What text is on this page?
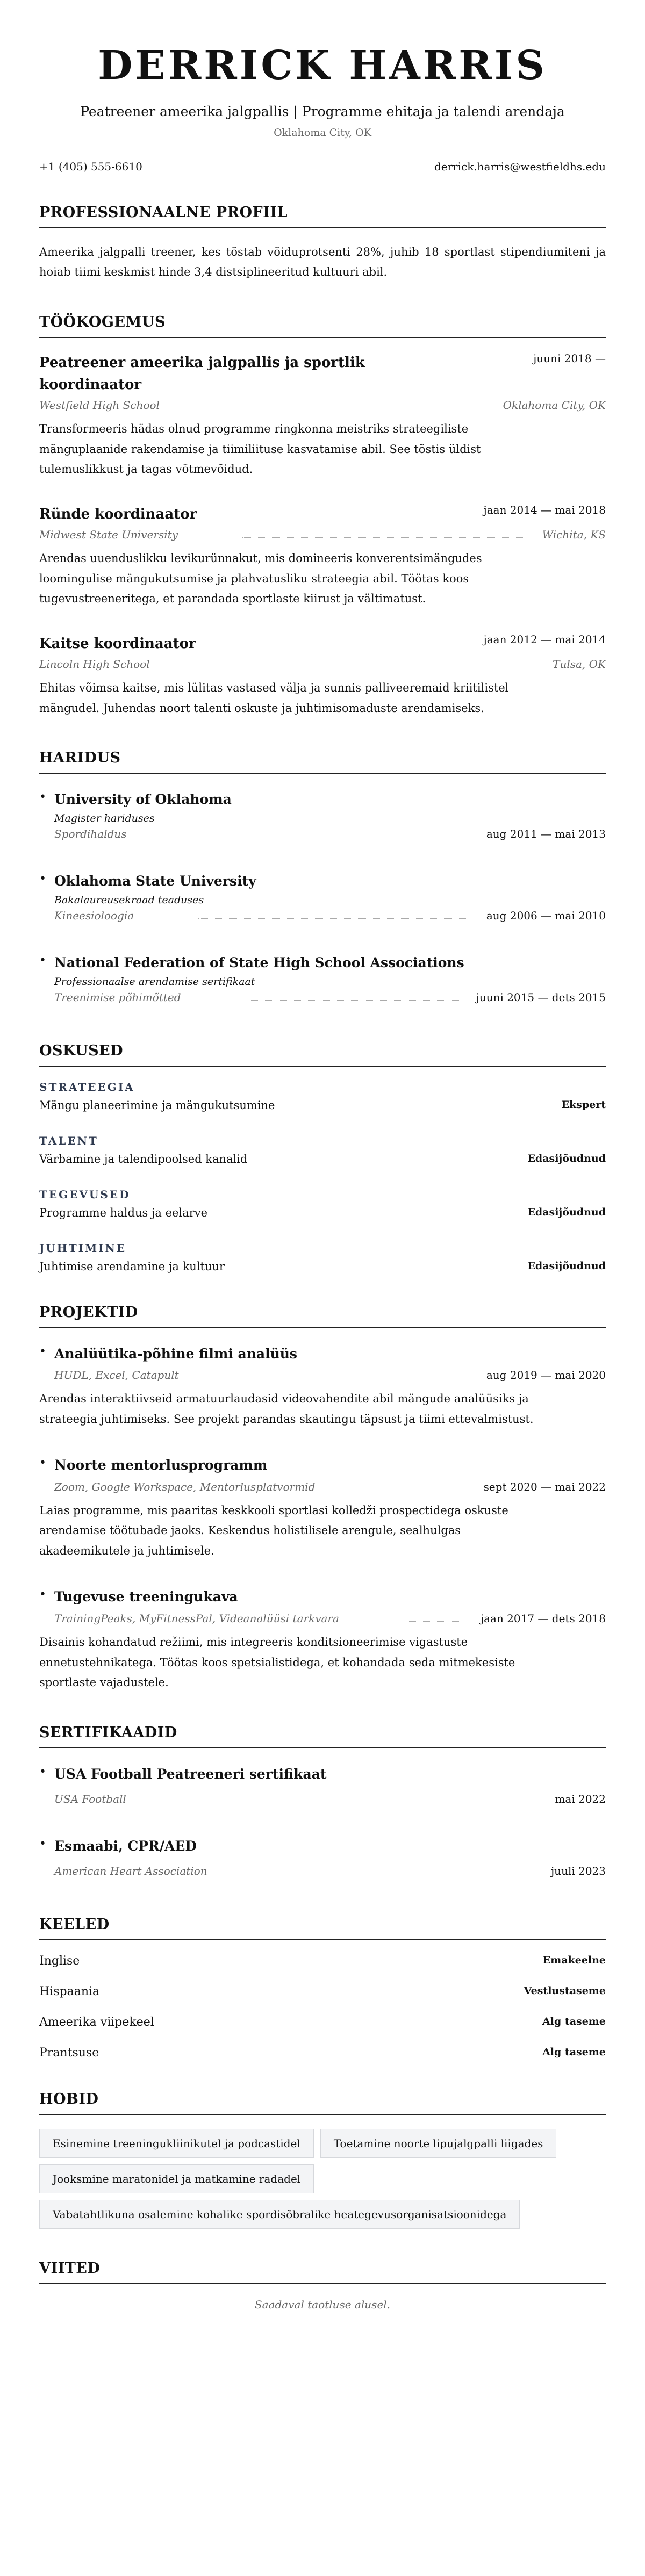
DERRICK HARRIS
Peatreener ameerika jalgpallis | Programme ehitaja ja talendi arendaja
Oklahoma City, OK
+1 (405) 555-6610	derrick.harris@westfieldhs.edu
PROFESSIONAALNE PROFIIL

Ameerika jalgpalli treener, kes tõstab võiduprotsenti 28%, juhib 18 sportlast stipendiumiteni ja hoiab tiimi keskmist hinde 3,4 distsiplineeritud kultuuri abil.

TÖÖKOGEMUS
Peatreener ameerika jalgpallis ja sportlik koordinaator
juuni 2018 —
Westfield High School	Oklahoma City, OK

Transformeeris hädas olnud programme ringkonna meistriks strateegiliste mänguplaanide rakendamise ja tiimiliituse kasvatamise abil. See tõstis üldist tulemuslikkust ja tagas võtmevõidud.

Ründe koordinaator	jaan 2014 — mai 2018
Midwest State University	Wichita, KS

Arendas uuenduslikku levikurünnakut, mis domineeris konverentsimängudes loomingulise mängukutsumise ja plahvatusliku strateegia abil. Töötas koos tugevustreeneritega, et parandada sportlaste kiirust ja vältimatust.

Kaitse koordinaator	jaan 2012 — mai 2014
Lincoln High School	Tulsa, OK

Ehitas võimsa kaitse, mis lülitas vastased välja ja sunnis palliveeremaid kriitilistel mängudel. Juhendas noort talenti oskuste ja juhtimisomaduste arendamiseks.

HARIDUS
• University of Oklahoma
Magister hariduses
Spordihaldus	aug 2011 — mai 2013
• Oklahoma State University
Bakalaureusekraad teaduses
Kineesioloogia	aug 2006 — mai 2010
• National Federation of State High School Associations
Professionaalse arendamise sertifikaat
Treenimise põhimõtted	juuni 2015 — dets 2015
OSKUSED
STRATEEGIA
Mängu planeerimine ja mängukutsumine	Ekspert
TALENT
Värbamine ja talendipoolsed kanalid	Edasijõudnud
TEGEVUSED
Programme haldus ja eelarve	Edasijõudnud
JUHTIMINE
Juhtimise arendamine ja kultuur	Edasijõudnud
PROJEKTID
• Analüütika-põhine filmi analüüs
HUDL, Excel, Catapult	aug 2019 — mai 2020

Arendas interaktiivseid armatuurlaudasid videovahendite abil mängude analüüsiks ja strateegia juhtimiseks. See projekt parandas skautingu täpsust ja tiimi ettevalmistust.

• Noorte mentorlusprogramm
Zoom, Google Workspace, Mentorlusplatvormid	sept 2020 — mai 2022

Laias programme, mis paaritas keskkooli sportlasi kolledži prospectidega oskuste arendamise töötubade jaoks. Keskendus holistilisele arengule, sealhulgas akadeemikutele ja juhtimisele.

• Tugevuse treeningukava
TrainingPeaks, MyFitnessPal, Videanalüüsi tarkvara	jaan 2017 — dets 2018

Disainis kohandatud režiimi, mis integreeris konditsioneerimise vigastuste ennetustehnikatega. Töötas koos spetsialistidega, et kohandada seda mitmekesiste sportlaste vajadustele.

SERTIFIKAADID
• USA Football Peatreeneri sertifikaat
USA Football	mai 2022
• Esmaabi, CPR/AED
American Heart Association	juuli 2023
KEELED
Inglise	Emakeelne
Hispaania	Vestlustaseme
Ameerika viipekeel	Alg taseme
Prantsuse	Alg taseme
HOBID
Esinemine treeningukliinikutel ja podcastidel	Toetamine noorte lipujalgpalli liigades
Jooksmine maratonidel ja matkamine radadel
Vabatahtlikuna osalemine kohalike spordisõbralike heategevusorganisatsioonidega
VIITED

Saadaval taotluse alusel.
